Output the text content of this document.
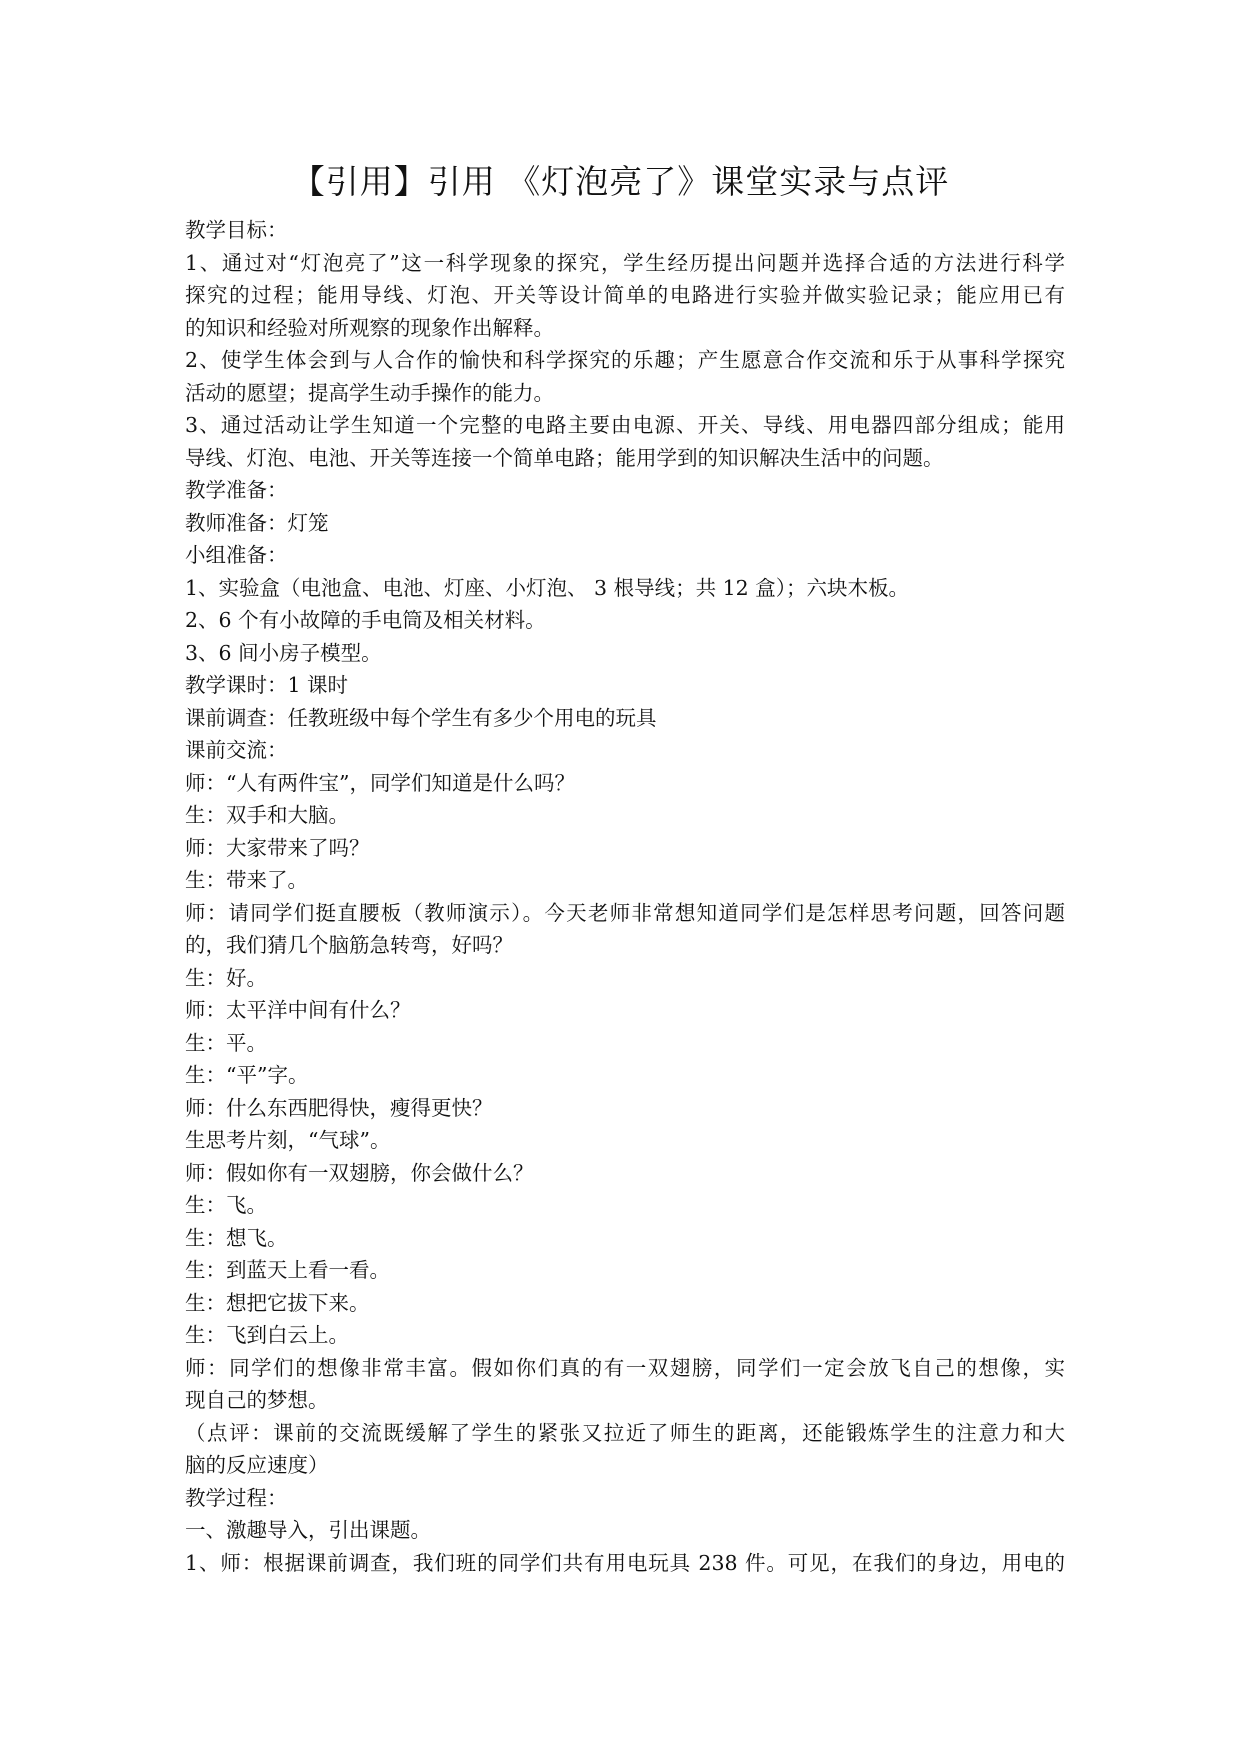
【引用】引用 《灯泡亮了》课堂实录与点评
教学目标：
1、通过对“灯泡亮了”这一科学现象的探究，学生经历提出问题并选择合适的方法进行科学
探究的过程；能用导线、灯泡、开关等设计简单的电路进行实验并做实验记录；能应用已有
的知识和经验对所观察的现象作出解释。
2、使学生体会到与人合作的愉快和科学探究的乐趣；产生愿意合作交流和乐于从事科学探究
活动的愿望；提高学生动手操作的能力。
3、通过活动让学生知道一个完整的电路主要由电源、开关、导线、用电器四部分组成；能用
导线、灯泡、电池、开关等连接一个简单电路；能用学到的知识解决生活中的问题。
教学准备：
教师准备：灯笼
小组准备：
1、实验盒（电池盒、电池、灯座、小灯泡、 3 根导线；共 12 盒）；六块木板。
2、6 个有小故障的手电筒及相关材料。
3、6 间小房子模型。
教学课时：1 课时
课前调查：任教班级中每个学生有多少个用电的玩具
课前交流：
师：“人有两件宝”，同学们知道是什么吗？
生：双手和大脑。
师：大家带来了吗？
生：带来了。
师：请同学们挺直腰板（教师演示）。今天老师非常想知道同学们是怎样思考问题，回答问题
的，我们猜几个脑筋急转弯，好吗？
生：好。
师：太平洋中间有什么？
生：平。
生：“平”字。
师：什么东西肥得快，瘦得更快？
生思考片刻，“气球”。
师：假如你有一双翅膀，你会做什么？
生：飞。
生：想飞。
生：到蓝天上看一看。
生：想把它拔下来。
生：飞到白云上。
师：同学们的想像非常丰富。假如你们真的有一双翅膀，同学们一定会放飞自己的想像，实
现自己的梦想。
（点评：课前的交流既缓解了学生的紧张又拉近了师生的距离，还能锻炼学生的注意力和大
脑的反应速度）
教学过程：
一、激趣导入，引出课题。
1、师：根据课前调查，我们班的同学们共有用电玩具 238 件。可见，在我们的身边，用电的
